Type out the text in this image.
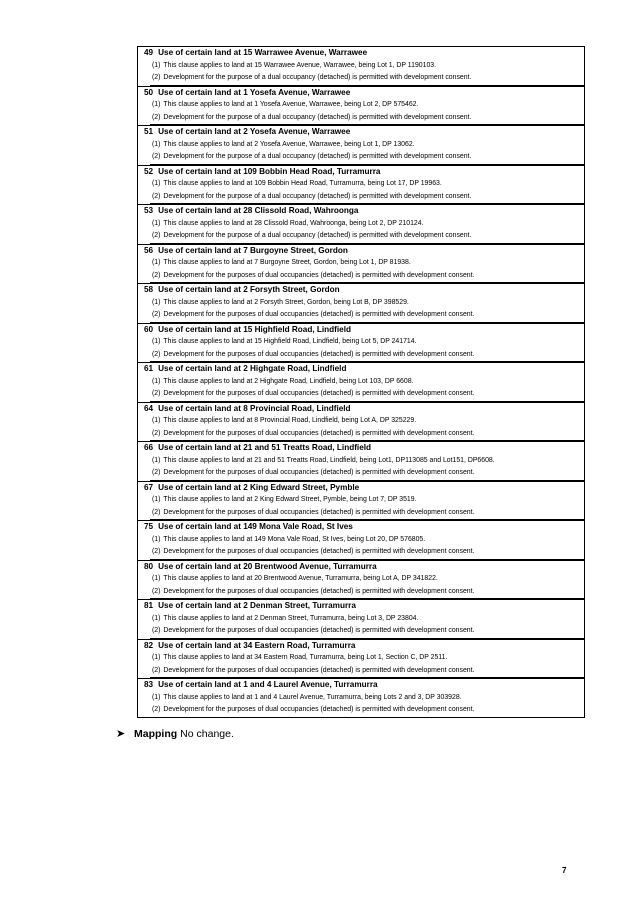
49 Use of certain land at 15 Warrawee Avenue, Warrawee
(1) This clause applies to land at 15 Warrawee Avenue, Warrawee, being Lot 1, DP 1190103.
(2) Development for the purpose of a dual occupancy (detached) is permitted with development consent.
50 Use of certain land at 1 Yosefa Avenue, Warrawee
(1) This clause applies to land at 1 Yosefa Avenue, Warrawee, being Lot 2, DP 575462.
(2) Development for the purpose of a dual occupancy (detached) is permitted with development consent.
51 Use of certain land at 2 Yosefa Avenue, Warrawee
(1) This clause applies to land at 2 Yosefa Avenue, Warrawee, being Lot 1, DP 13062.
(2) Development for the purpose of a dual occupancy (detached) is permitted with development consent.
52 Use of certain land at 109 Bobbin Head Road, Turramurra
(1) This clause applies to land at 109 Bobbin Head Road, Turramurra, being Lot 17, DP 19963.
(2) Development for the purpose of a dual occupancy (detached) is permitted with development consent.
53 Use of certain land at 28 Clissold Road, Wahroonga
(1) This clause applies to land at 28 Clissold Road, Wahroonga, being Lot 2, DP 210124.
(2) Development for the purpose of a dual occupancy (detached) is permitted with development consent.
56 Use of certain land at 7 Burgoyne Street, Gordon
(1) This clause applies to land at 7 Burgoyne Street, Gordon, being Lot 1, DP 81938.
(2) Development for the purposes of dual occupancies (detached) is permitted with development consent.
58 Use of certain land at 2 Forsyth Street, Gordon
(1) This clause applies to land at 2 Forsyth Street, Gordon, being Lot B, DP 398529.
(2) Development for the purposes of dual occupancies (detached) is permitted with development consent.
60 Use of certain land at 15 Highfield Road, Lindfield
(1) This clause applies to land at 15 Highfield Road, Lindfield, being Lot 5, DP 241714.
(2) Development for the purposes of dual occupancies (detached) is permitted with development consent.
61 Use of certain land at 2 Highgate Road, Lindfield
(1) This clause applies to land at 2 Highgate Road, Lindfield, being Lot 103, DP 6608.
(2) Development for the purposes of dual occupancies (detached) is permitted with development consent.
64 Use of certain land at 8 Provincial Road, Lindfield
(1) This clause applies to land at 8 Provincial Road, Lindfield, being Lot A, DP 325229.
(2) Development for the purposes of dual occupancies (detached) is permitted with development consent.
66 Use of certain land at 21 and 51 Treatts Road, Lindfield
(1) This clause applies to land at 21 and 51 Treatts Road, Lindfield, being Lot1, DP113085 and Lot151, DP6608.
(2) Development for the purposes of dual occupancies (detached) is permitted with development consent.
67 Use of certain land at 2 King Edward Street, Pymble
(1) This clause applies to land at 2 King Edward Street, Pymble, being Lot 7, DP 3519.
(2) Development for the purposes of dual occupancies (detached) is permitted with development consent.
75 Use of certain land at 149 Mona Vale Road, St Ives
(1) This clause applies to land at 149 Mona Vale Road, St Ives, being Lot 20, DP 576805.
(2) Development for the purposes of dual occupancies (detached) is permitted with development consent.
80 Use of certain land at 20 Brentwood Avenue, Turramurra
(1) This clause applies to land at 20 Brentwood Avenue, Turramurra, being Lot A, DP 341822.
(2) Development for the purposes of dual occupancies (detached) is permitted with development consent.
81 Use of certain land at 2 Denman Street, Turramurra
(1) This clause applies to land at 2 Denman Street, Turramurra, being Lot 3, DP 23804.
(2) Development for the purposes of dual occupancies (detached) is permitted with development consent.
82 Use of certain land at 34 Eastern Road, Turramurra
(1) This clause applies to land at 34 Eastern Road, Turramurra, being Lot 1, Section C, DP 2511.
(2) Development for the purposes of dual occupancies (detached) is permitted with development consent.
83 Use of certain land at 1 and 4 Laurel Avenue, Turramurra
(1) This clause applies to land at 1 and 4 Laurel Avenue, Turramurra, being Lots 2 and 3, DP 303928.
(2) Development for the purposes of dual occupancies (detached) is permitted with development consent.
➤ Mapping No change.
7
